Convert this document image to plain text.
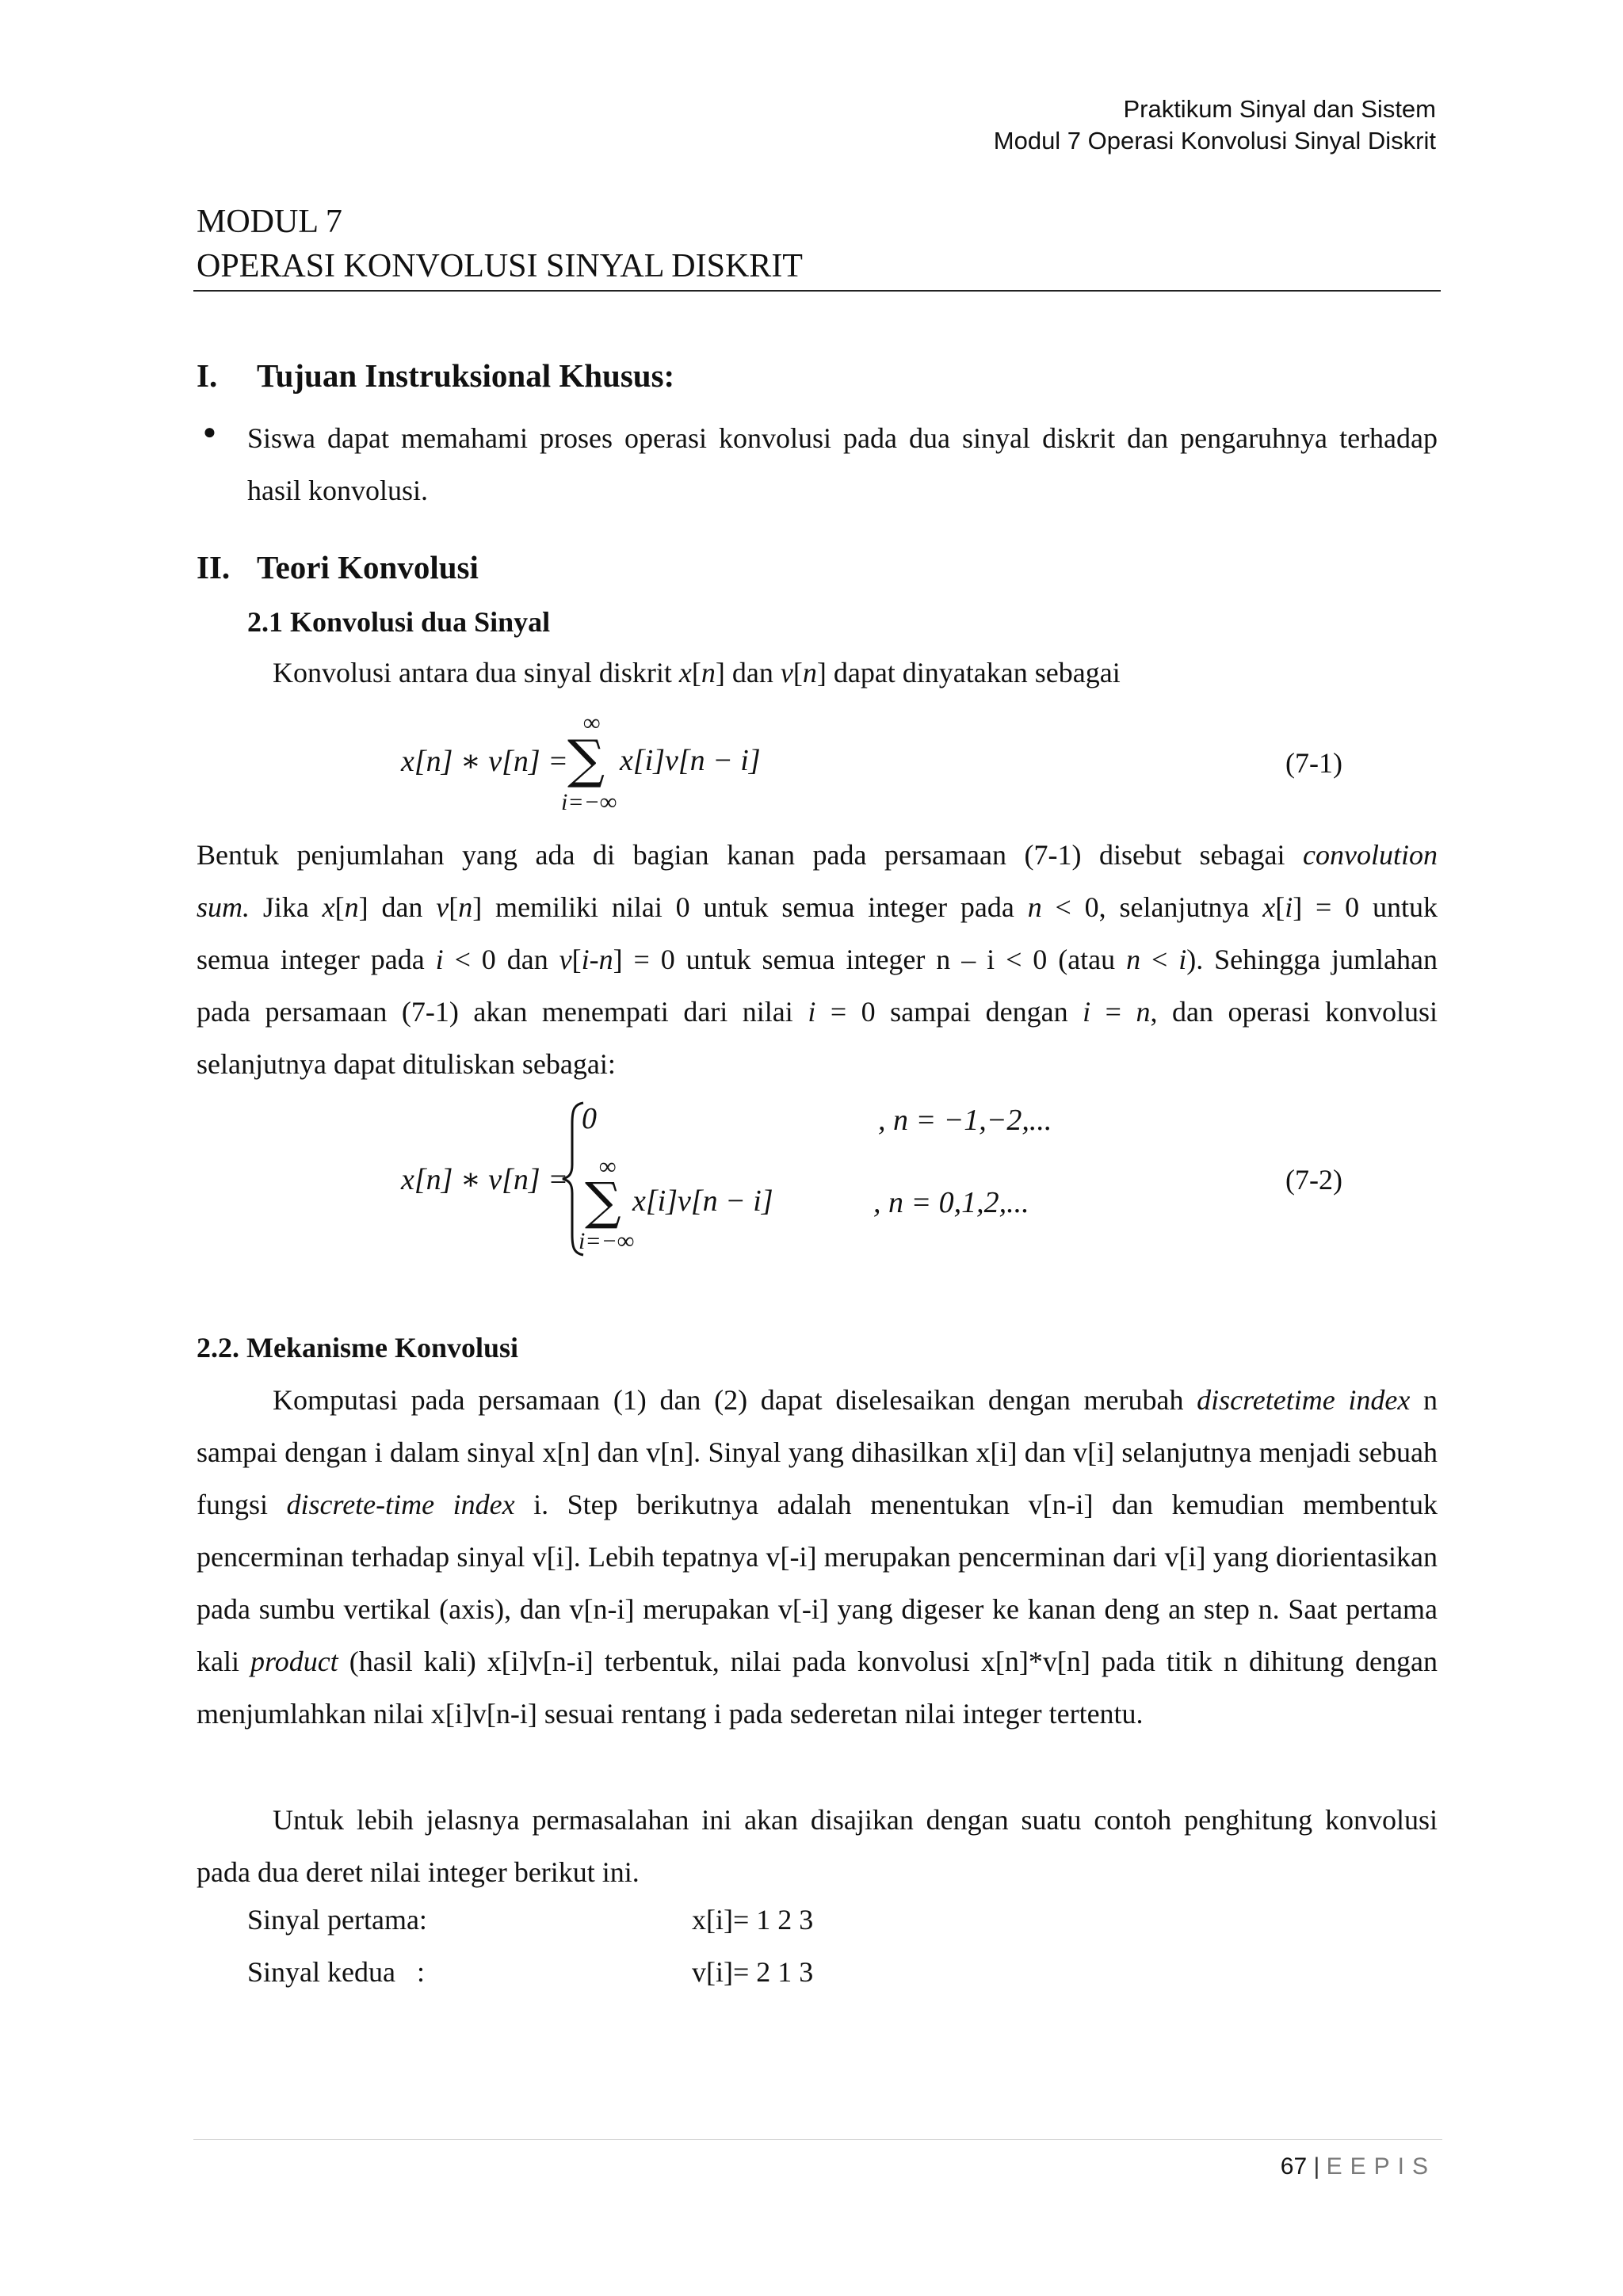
Praktikum Sinyal dan Sistem
Modul 7 Operasi Konvolusi Sinyal Diskrit
MODUL 7
OPERASI KONVOLUSI SINYAL DISKRIT
I. Tujuan Instruksional Khusus:
● Siswa dapat memahami proses operasi konvolusi pada dua sinyal diskrit dan pengaruhnya terhadap hasil konvolusi.
II. Teori Konvolusi
2.1 Konvolusi dua Sinyal
Konvolusi antara dua sinyal diskrit x[n] dan v[n] dapat dinyatakan sebagai
x[n] ∗ v[n] =
∞
∑
i=−∞
x[i]v[n − i]	(7-1)
Bentuk penjumlahan yang ada di bagian kanan pada persamaan (7-1) disebut sebagai convolution
sum. Jika x[n] dan v[n] memiliki nilai 0 untuk semua integer pada n < 0, selanjutnya x[i] = 0 untuk
semua integer pada i < 0 dan v[i-n] = 0 untuk semua integer n – i < 0 (atau n < i). Sehingga jumlahan
pada persamaan (7-1) akan menempati dari nilai i = 0 sampai dengan i = n, dan operasi konvolusi
selanjutnya dapat dituliskan sebagai:
x[n] ∗ v[n] =
0	, n = −1,−2,...
∞
∑
i=−∞
x[i]v[n − i]	, n = 0,1,2,...
(7-2)
2.2. Mekanisme Konvolusi
Komputasi pada persamaan (1) dan (2) dapat diselesaikan dengan merubah discretetime index n sampai dengan i dalam sinyal x[n] dan v[n]. Sinyal yang dihasilkan x[i] dan v[i] selanjutnya menjadi sebuah fungsi discrete-time index i. Step berikutnya adalah menentukan v[n-i] dan kemudian membentuk pencerminan terhadap sinyal v[i]. Lebih tepatnya v[-i] merupakan pencerminan dari v[i] yang diorientasikan pada sumbu vertikal (axis), dan v[n-i] merupakan v[-i] yang digeser ke kanan deng an step n. Saat pertama kali product (hasil kali) x[i]v[n-i] terbentuk, nilai pada konvolusi x[n]*v[n] pada titik n dihitung dengan menjumlahkan nilai x[i]v[n-i] sesuai rentang i pada sederetan nilai integer tertentu.
Untuk lebih jelasnya permasalahan ini akan disajikan dengan suatu contoh penghitung konvolusi pada dua deret nilai integer berikut ini.
Sinyal pertama:	x[i]= 1 2 3
Sinyal kedua   :	v[i]= 2 1 3
67 | EEPIS
